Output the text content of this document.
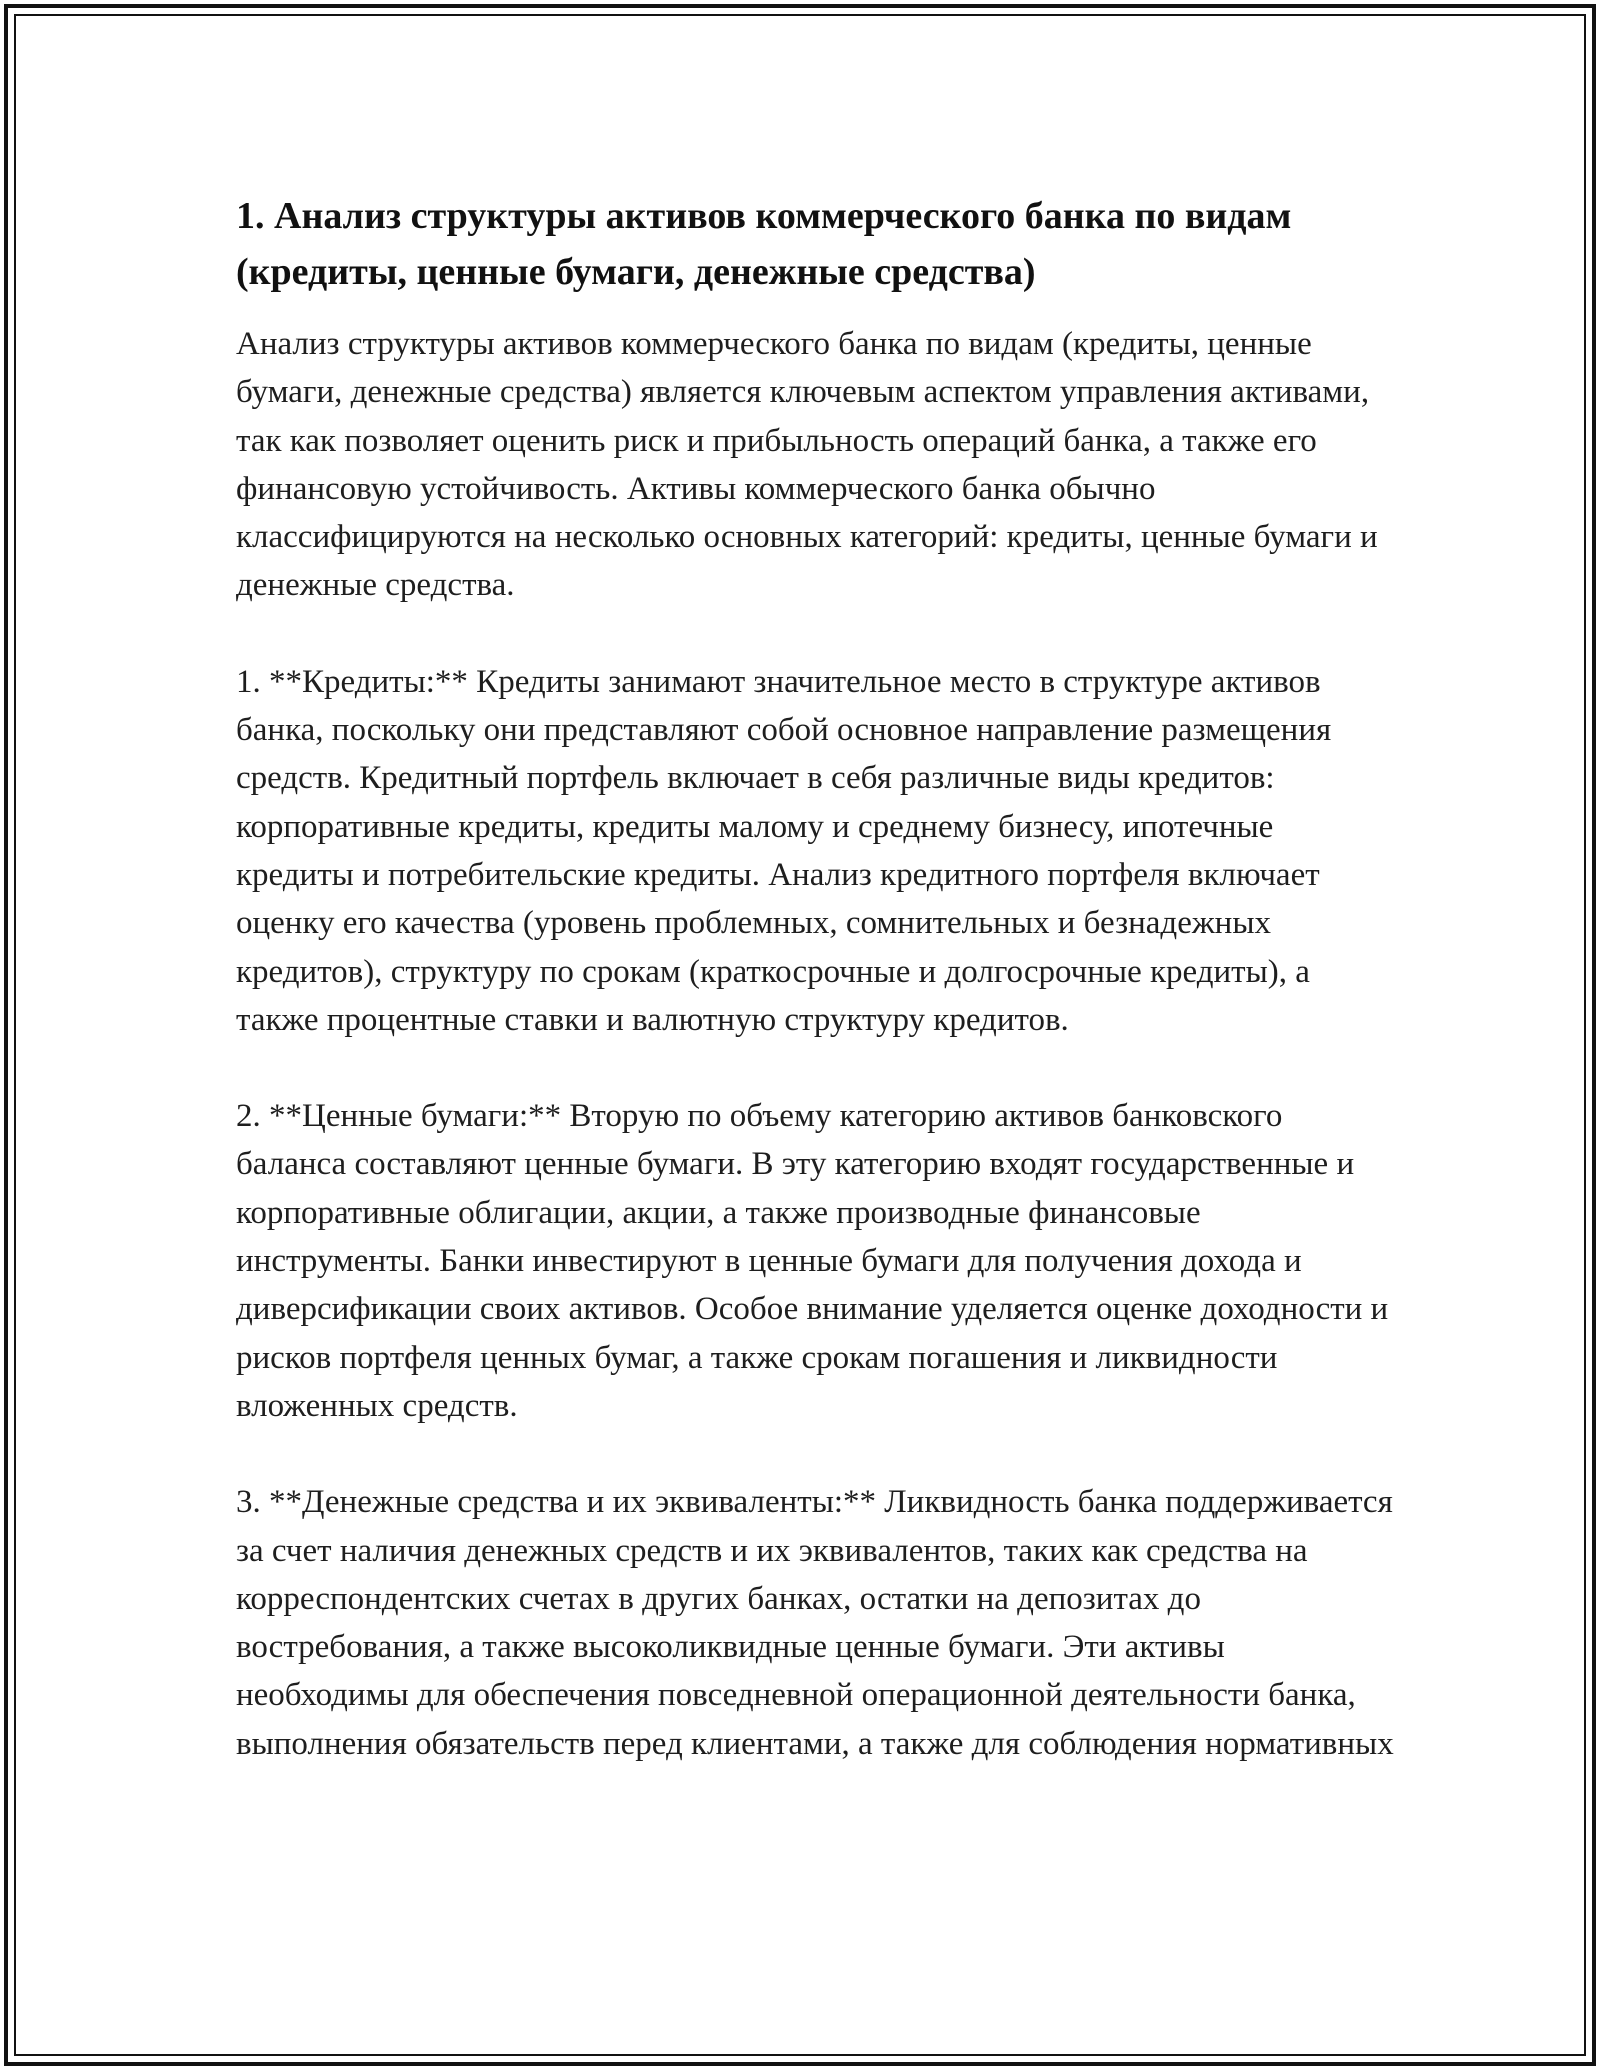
1. Анализ структуры активов коммерческого банка по видам (кредиты, ценные бумаги, денежные средства)

Анализ структуры активов коммерческого банка по видам (кредиты, ценные бумаги, денежные средства) является ключевым аспектом управления активами, так как позволяет оценить риск и прибыльность операций банка, а также его финансовую устойчивость. Активы коммерческого банка обычно классифицируются на несколько основных категорий: кредиты, ценные бумаги и денежные средства.

1. **Кредиты:** Кредиты занимают значительное место в структуре активов банка, поскольку они представляют собой основное направление размещения средств. Кредитный портфель включает в себя различные виды кредитов: корпоративные кредиты, кредиты малому и среднему бизнесу, ипотечные кредиты и потребительские кредиты. Анализ кредитного портфеля включает оценку его качества (уровень проблемных, сомнительных и безнадежных кредитов), структуру по срокам (краткосрочные и долгосрочные кредиты), а также процентные ставки и валютную структуру кредитов.

2. **Ценные бумаги:** Вторую по объему категорию активов банковского баланса составляют ценные бумаги. В эту категорию входят государственные и корпоративные облигации, акции, а также производные финансовые инструменты. Банки инвестируют в ценные бумаги для получения дохода и диверсификации своих активов. Особое внимание уделяется оценке доходности и рисков портфеля ценных бумаг, а также срокам погашения и ликвидности вложенных средств.

3. **Денежные средства и их эквиваленты:** Ликвидность банка поддерживается за счет наличия денежных средств и их эквивалентов, таких как средства на корреспондентских счетах в других банках, остатки на депозитах до востребования, а также высоколиквидные ценные бумаги. Эти активы необходимы для обеспечения повседневной операционной деятельности банка, выполнения обязательств перед клиентами, а также для соблюдения нормативных
